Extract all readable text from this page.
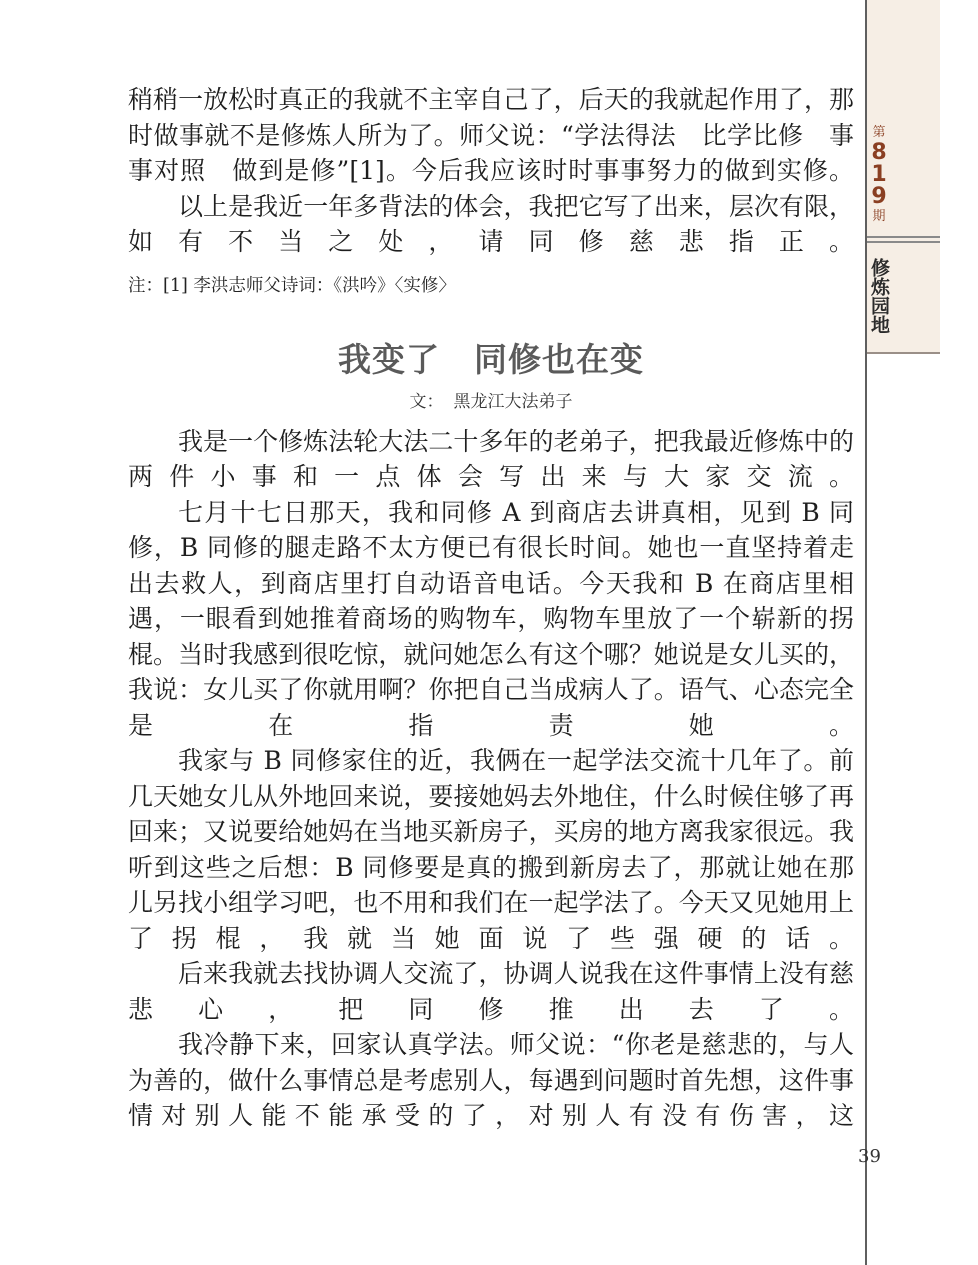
第
819
期
修炼园地

稍稍一放松时真正的我就不主宰自己了，后天的我就起作用了，那时做事就不是修炼人所为了。师父说：“学法得法　比学比修　事事对照　做到是修”[1]。今后我应该时时事事努力的做到实修。

以上是我近一年多背法的体会，我把它写了出来，层次有限，如有不当之处，请同修慈悲指正。

注：[1] 李洪志师父诗词：《洪吟》〈实修〉

我变了　同修也在变
文： 黑龙江大法弟子

我是一个修炼法轮大法二十多年的老弟子，把我最近修炼中的两件小事和一点体会写出来与大家交流。

七月十七日那天，我和同修 A 到商店去讲真相，见到 B 同修，B 同修的腿走路不太方便已有很长时间。她也一直坚持着走出去救人，到商店里打自动语音电话。今天我和 B 在商店里相遇，一眼看到她推着商场的购物车，购物车里放了一个崭新的拐棍。当时我感到很吃惊，就问她怎么有这个哪？她说是女儿买的，我说：女儿买了你就用啊？你把自己当成病人了。语气、心态完全是在指责她。

我家与 B 同修家住的近，我俩在一起学法交流十几年了。前几天她女儿从外地回来说，要接她妈去外地住，什么时候住够了再回来；又说要给她妈在当地买新房子，买房的地方离我家很远。我听到这些之后想：B 同修要是真的搬到新房去了，那就让她在那儿另找小组学习吧，也不用和我们在一起学法了。今天又见她用上了拐棍，我就当她面说了些强硬的话。

后来我就去找协调人交流了，协调人说我在这件事情上没有慈悲心，把同修推出去了。

我冷静下来，回家认真学法。师父说：“你老是慈悲的，与人为善的，做什么事情总是考虑别人，每遇到问题时首先想，这件事情对别人能不能承受的了，对别人有没有伤害，这

39
